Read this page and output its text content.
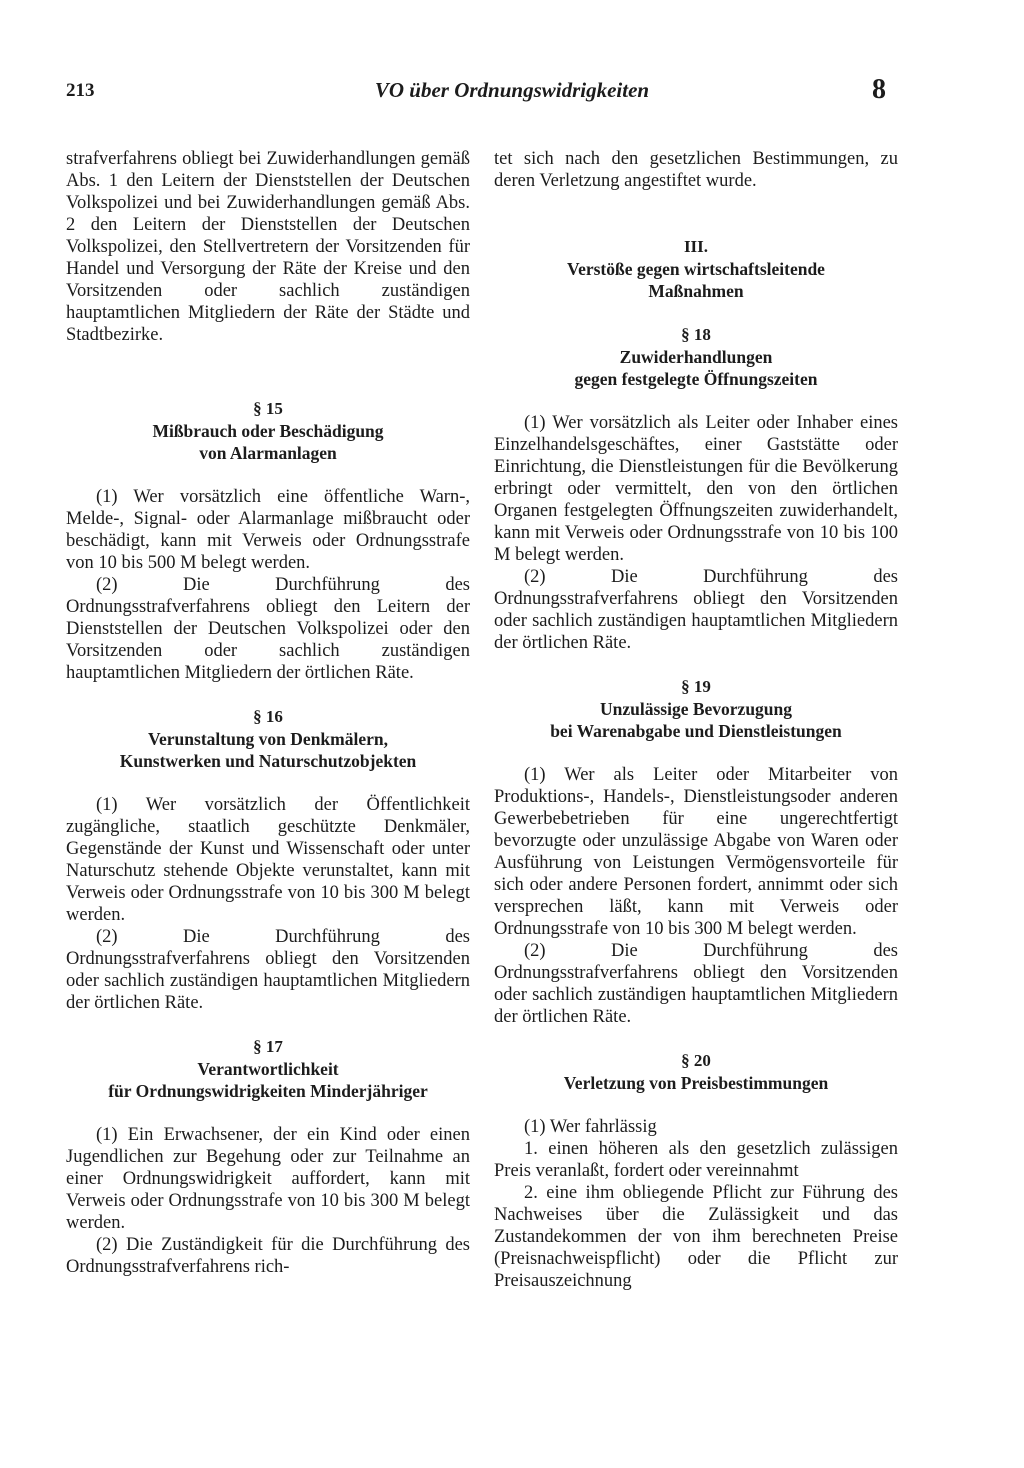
213	VO über Ordnungswidrigkeiten	8

strafverfahrens obliegt bei Zuwiderhandlungen gemäß Abs. 1 den Leitern der Dienststellen der Deutschen Volkspolizei und bei Zuwiderhandlungen gemäß Abs. 2 den Leitern der Dienststellen der Deutschen Volkspolizei, den Stellvertretern der Vorsitzenden für Handel und Versorgung der Räte der Kreise und den Vorsitzenden oder sachlich zuständigen hauptamtlichen Mitgliedern der Räte der Städte und Stadtbezirke.

§ 15

Mißbrauch oder Beschädigung

von Alarmanlagen

(1) Wer vorsätzlich eine öffentliche Warn-, Melde-, Signal- oder Alarmanlage mißbraucht oder beschädigt, kann mit Verweis oder Ordnungsstrafe von 10 bis 500 M belegt werden.

(2) Die Durchführung des Ordnungsstrafverfahrens obliegt den Leitern der Dienststellen der Deutschen Volkspolizei oder den Vorsitzenden oder sachlich zuständigen hauptamtlichen Mitgliedern der örtlichen Räte.

§ 16

Verunstaltung von Denkmälern,

Kunstwerken und Naturschutzobjekten

(1) Wer vorsätzlich der Öffentlichkeit zugängliche, staatlich geschützte Denkmäler, Gegenstände der Kunst und Wissenschaft oder unter Naturschutz stehende Objekte verunstaltet, kann mit Verweis oder Ordnungsstrafe von 10 bis 300 M belegt werden.

(2) Die Durchführung des Ordnungsstrafverfahrens obliegt den Vorsitzenden oder sachlich zuständigen hauptamtlichen Mitgliedern der örtlichen Räte.

§ 17

Verantwortlichkeit

für Ordnungswidrigkeiten Minderjähriger

(1) Ein Erwachsener, der ein Kind oder einen Jugendlichen zur Begehung oder zur Teilnahme an einer Ordnungswidrigkeit auffordert, kann mit Verweis oder Ordnungsstrafe von 10 bis 300 M belegt werden.

(2) Die Zuständigkeit für die Durchführung des Ordnungsstrafverfahrens rich-

tet sich nach den gesetzlichen Bestimmungen, zu deren Verletzung angestiftet wurde.

III.

Verstöße gegen wirtschaftsleitende

Maßnahmen

§ 18

Zuwiderhandlungen

gegen festgelegte Öffnungszeiten

(1) Wer vorsätzlich als Leiter oder Inhaber eines Einzelhandelsgeschäftes, einer Gaststätte oder Einrichtung, die Dienstleistungen für die Bevölkerung erbringt oder vermittelt, den von den örtlichen Organen festgelegten Öffnungszeiten zuwiderhandelt, kann mit Verweis oder Ordnungsstrafe von 10 bis 100 M belegt werden.

(2) Die Durchführung des Ordnungsstrafverfahrens obliegt den Vorsitzenden oder sachlich zuständigen hauptamtlichen Mitgliedern der örtlichen Räte.

§ 19

Unzulässige Bevorzugung

bei Warenabgabe und Dienstleistungen

(1) Wer als Leiter oder Mitarbeiter von Produktions-, Handels-, Dienstleistungsoder anderen Gewerbebetrieben für eine ungerechtfertigt bevorzugte oder unzulässige Abgabe von Waren oder Ausführung von Leistungen Vermögensvorteile für sich oder andere Personen fordert, annimmt oder sich versprechen läßt, kann mit Verweis oder Ordnungsstrafe von 10 bis 300 M belegt werden.

(2) Die Durchführung des Ordnungsstrafverfahrens obliegt den Vorsitzenden oder sachlich zuständigen hauptamtlichen Mitgliedern der örtlichen Räte.

§ 20

Verletzung von Preisbestimmungen

(1) Wer fahrlässig

1. einen höheren als den gesetzlich zulässigen Preis veranlaßt, fordert oder vereinnahmt

2. eine ihm obliegende Pflicht zur Führung des Nachweises über die Zulässigkeit und das Zustandekommen der von ihm berechneten Preise (Preisnachweispflicht) oder die Pflicht zur Preisauszeichnung
